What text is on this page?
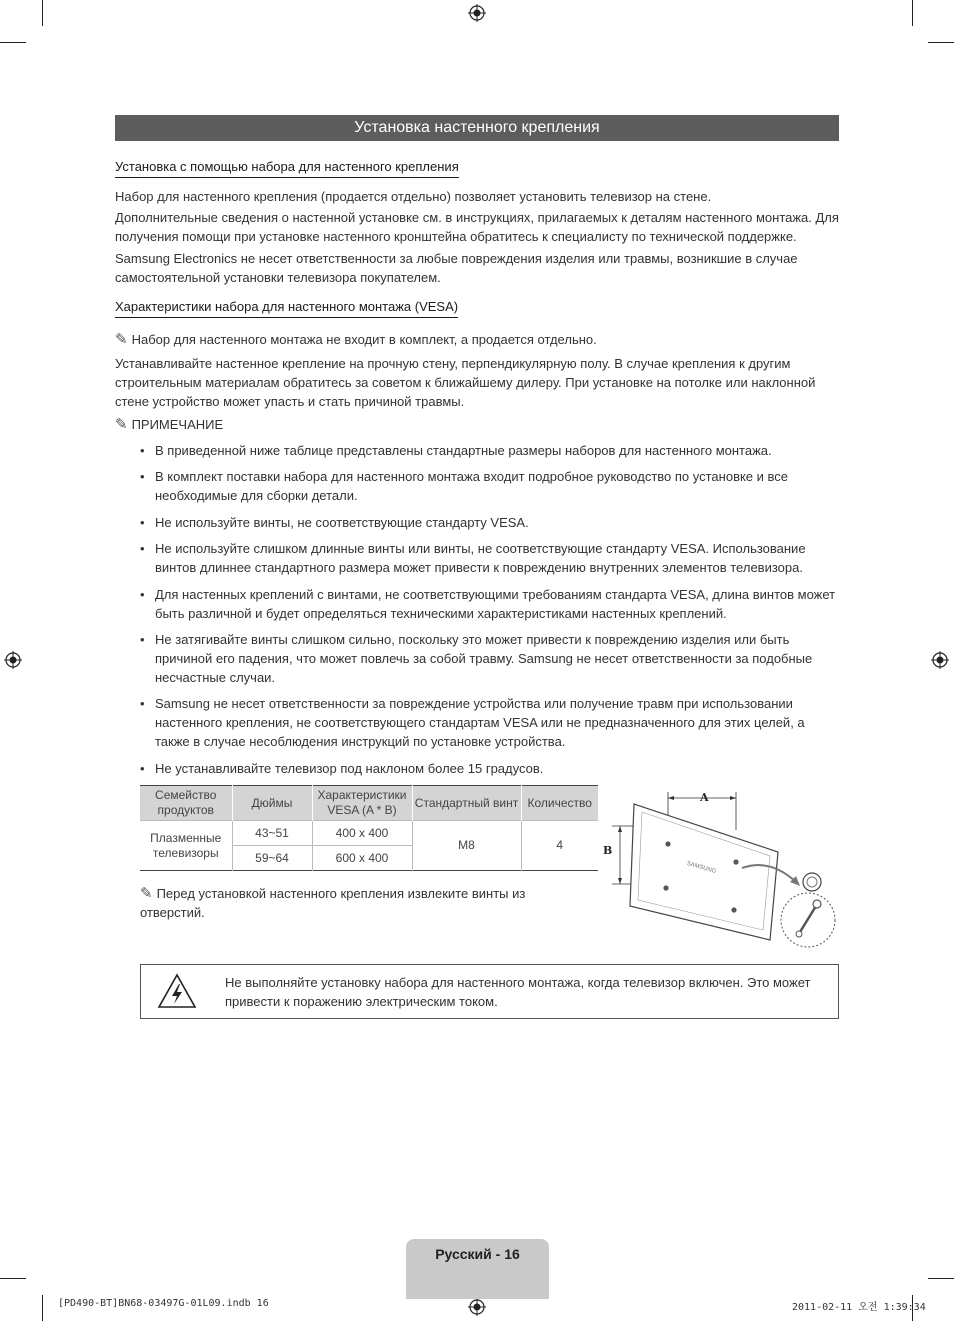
Установка настенного крепления
Установка с помощью набора для настенного крепления
Набор для настенного крепления (продается отдельно) позволяет установить телевизор на стене.
Дополнительные сведения о настенной установке см. в инструкциях, прилагаемых к деталям настенного монтажа. Для получения помощи при установке настенного кронштейна обратитесь к специалисту по технической поддержке.
Samsung Electronics не несет ответственности за любые повреждения изделия или травмы, возникшие в случае самостоятельной установки телевизора покупателем.
Характеристики набора для настенного монтажа (VESA)
✎ Набор для настенного монтажа не входит в комплект, а продается отдельно.
Устанавливайте настенное крепление на прочную стену, перпендикулярную полу. В случае крепления к другим строительным материалам обратитесь за советом к ближайшему дилеру. При установке на потолке или наклонной стене устройство может упасть и стать причиной травмы.
✎ ПРИМЕЧАНИЕ
• В приведенной ниже таблице представлены стандартные размеры наборов для настенного монтажа.
• В комплект поставки набора для настенного монтажа входит подробное руководство по установке и все необходимые для сборки детали.
• Не используйте винты, не соответствующие стандарту VESA.
• Не используйте слишком длинные винты или винты, не соответствующие стандарту VESA. Использование винтов длиннее стандартного размера может привести к повреждению внутренних элементов телевизора.
• Для настенных креплений с винтами, не соответствующими требованиям стандарта VESA, длина винтов может быть различной и будет определяться техническими характеристиками настенных креплений.
• Не затягивайте винты слишком сильно, поскольку это может привести к повреждению изделия или быть причиной его падения, что может повлечь за собой травму. Samsung не несет ответственности за подобные несчастные случаи.
• Samsung не несет ответственности за повреждение устройства или получение травм при использовании настенного крепления, не соответствующего стандартам VESA или не предназначенного для этих целей, а также в случае несоблюдения инструкций по установке устройства.
• Не устанавливайте телевизор под наклоном более 15 градусов.
Семейство продуктов	Дюймы	Характеристики VESA (A * B)	Стандартный винт	Количество
Плазменные телевизоры	43~51	400 x 400	M8	4
	59~64	600 x 400		
✎ Перед установкой настенного крепления извлеките винты из отверстий.
A
B
SAMSUNG
Не выполняйте установку набора для настенного монтажа, когда телевизор включен. Это может привести к поражению электрическим током.
Русский - 16
[PD490-BT]BN68-03497G-01L09.indb 16	2011-02-11 오전 1:39:34
